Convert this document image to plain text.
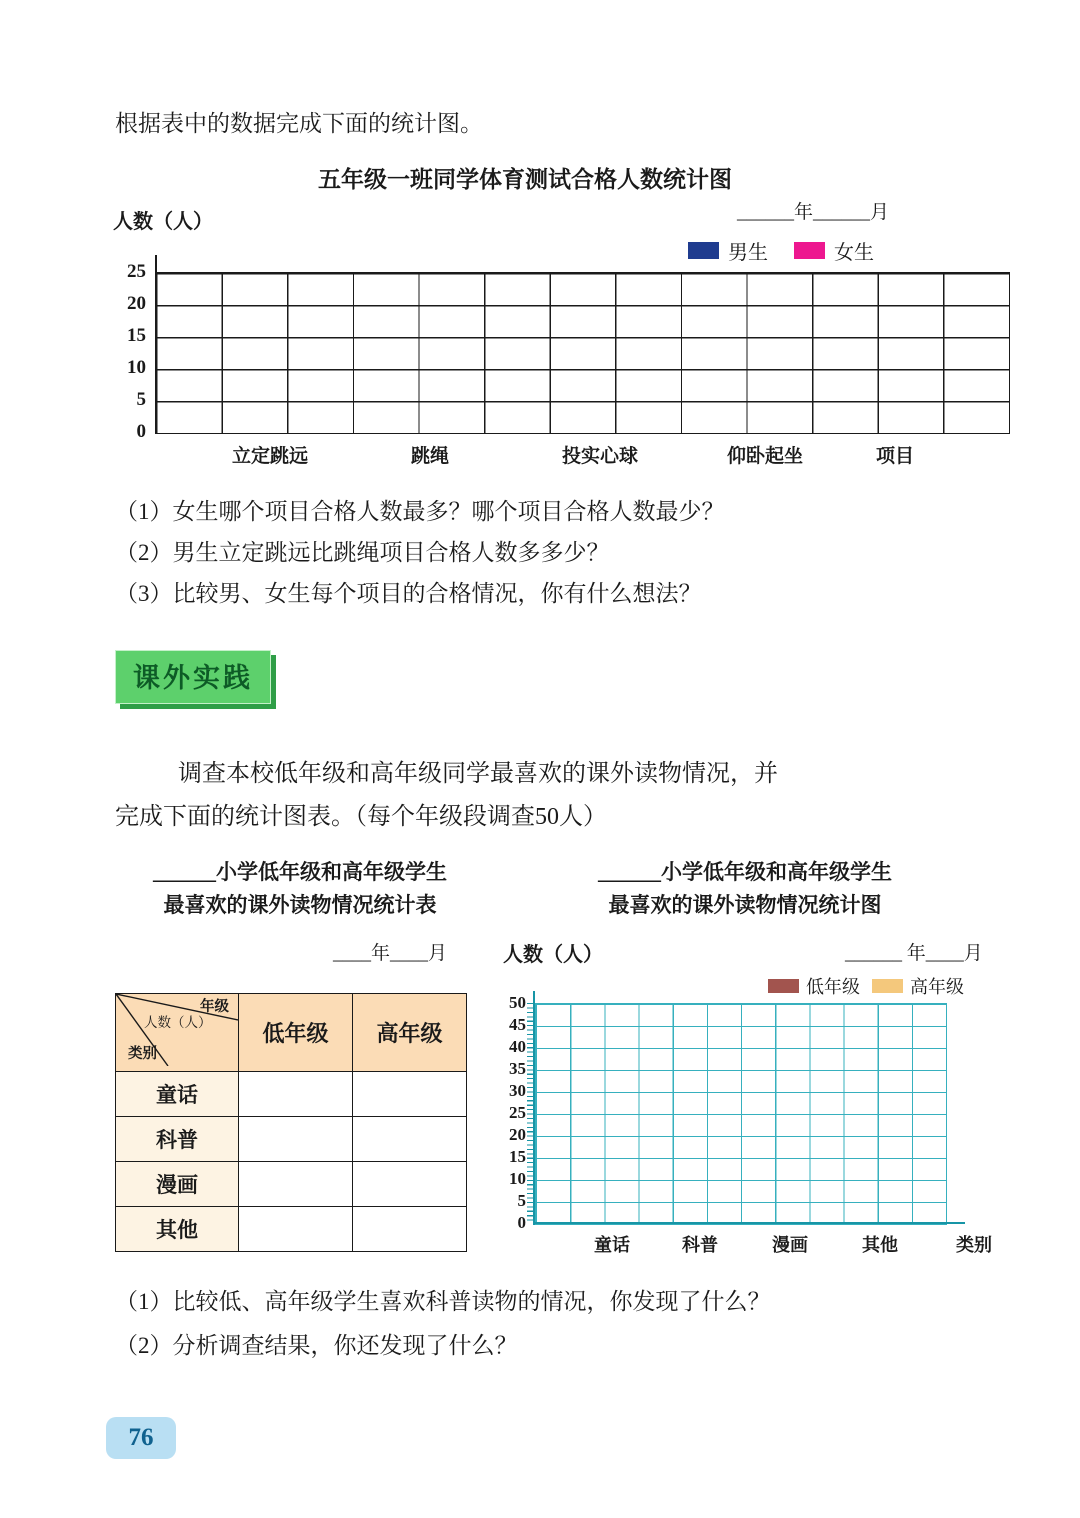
根据表中的数据完成下面的统计图。
五年级一班同学体育测试合格人数统计图
______年______月
人数（人）
男生	女生
25
20
15
10
5
0
立定跳远	跳绳	投实心球	仰卧起坐	项目
（1）女生哪个项目合格人数最多？哪个项目合格人数最少？
（2）男生立定跳远比跳绳项目合格人数多多少？
（3）比较男、女生每个项目的合格情况，你有什么想法？
课外实践
调查本校低年级和高年级同学最喜欢的课外读物情况，并
完成下面的统计图表。（每个年级段调查50人）
______小学低年级和高年级学生
最喜欢的课外读物情况统计表
______小学低年级和高年级学生
最喜欢的课外读物情况统计图
____年____月	人数（人）	______ 年____月
低年级	高年级
人数（人）
年级
类别	低年级	高年级
童话		
科普		
漫画		
其他		
50
45
40
35
30
25
20
15
10
5
0
童话	科普	漫画	其他	类别
（1）比较低、高年级学生喜欢科普读物的情况，你发现了什么？
（2）分析调查结果，你还发现了什么？
76
